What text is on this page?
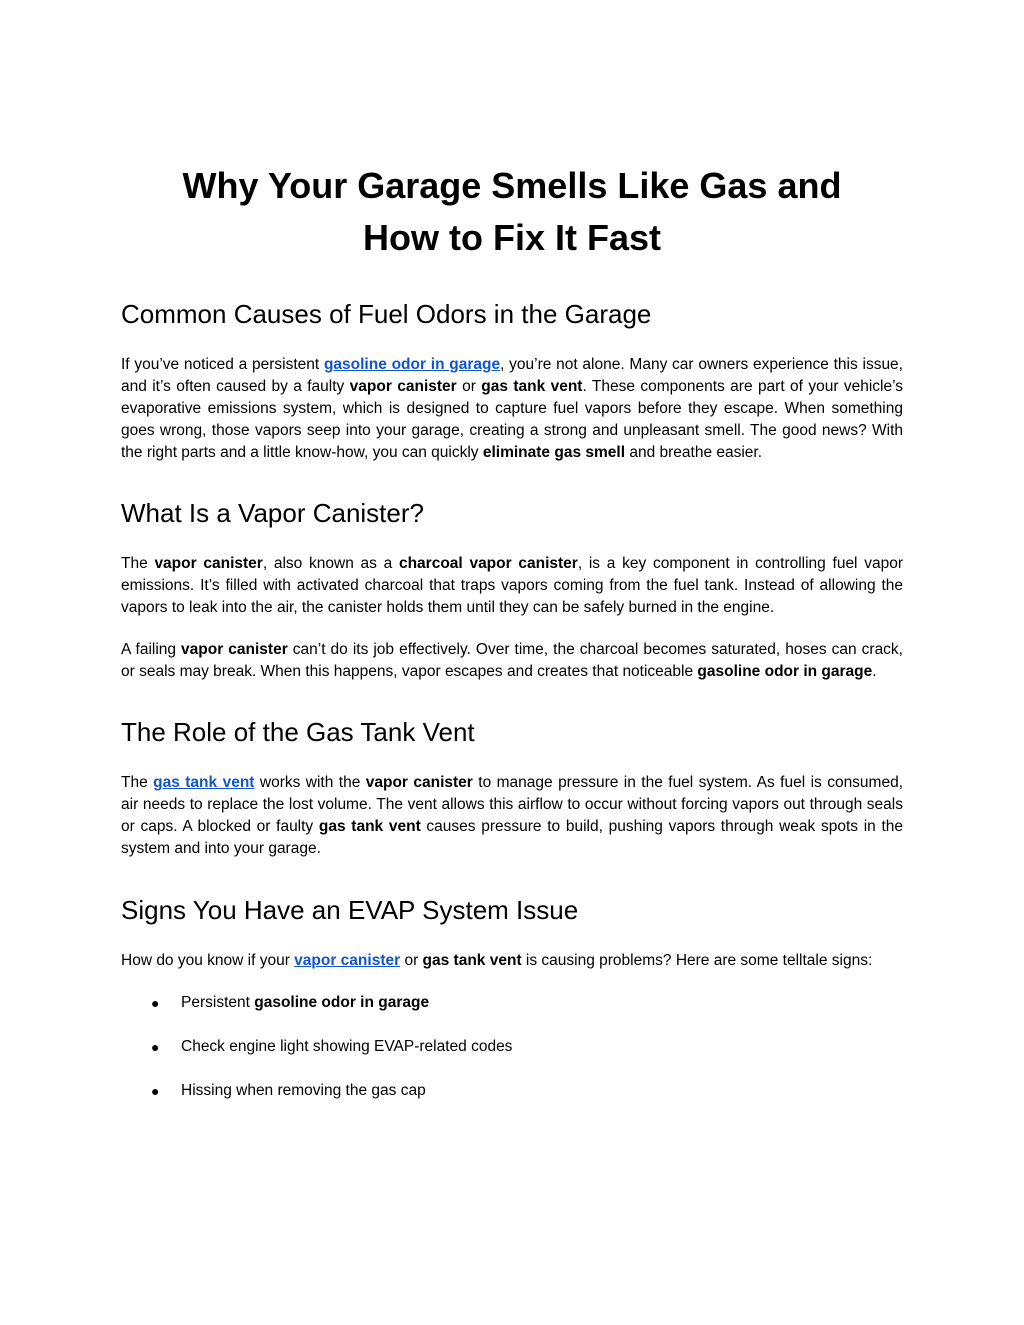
Why Your Garage Smells Like Gas and
How to Fix It Fast
Common Causes of Fuel Odors in the Garage

If you’ve noticed a persistent gasoline odor in garage, you’re not alone. Many car owners experience this issue, and it’s often caused by a faulty vapor canister or gas tank vent. These components are part of your vehicle’s evaporative emissions system, which is designed to capture fuel vapors before they escape. When something goes wrong, those vapors seep into your garage, creating a strong and unpleasant smell. The good news? With the right parts and a little know-how, you can quickly eliminate gas smell and breathe easier.

What Is a Vapor Canister?

The vapor canister, also known as a charcoal vapor canister, is a key component in controlling fuel vapor emissions. It’s filled with activated charcoal that traps vapors coming from the fuel tank. Instead of allowing the vapors to leak into the air, the canister holds them until they can be safely burned in the engine.

A failing vapor canister can’t do its job effectively. Over time, the charcoal becomes saturated, hoses can crack, or seals may break. When this happens, vapor escapes and creates that noticeable gasoline odor in garage.

The Role of the Gas Tank Vent

The gas tank vent works with the vapor canister to manage pressure in the fuel system. As fuel is consumed, air needs to replace the lost volume. The vent allows this airflow to occur without forcing vapors out through seals or caps. A blocked or faulty gas tank vent causes pressure to build, pushing vapors through weak spots in the system and into your garage.

Signs You Have an EVAP System Issue

How do you know if your vapor canister or gas tank vent is causing problems? Here are some telltale signs:

● Persistent gasoline odor in garage
● Check engine light showing EVAP-related codes
● Hissing when removing the gas cap
